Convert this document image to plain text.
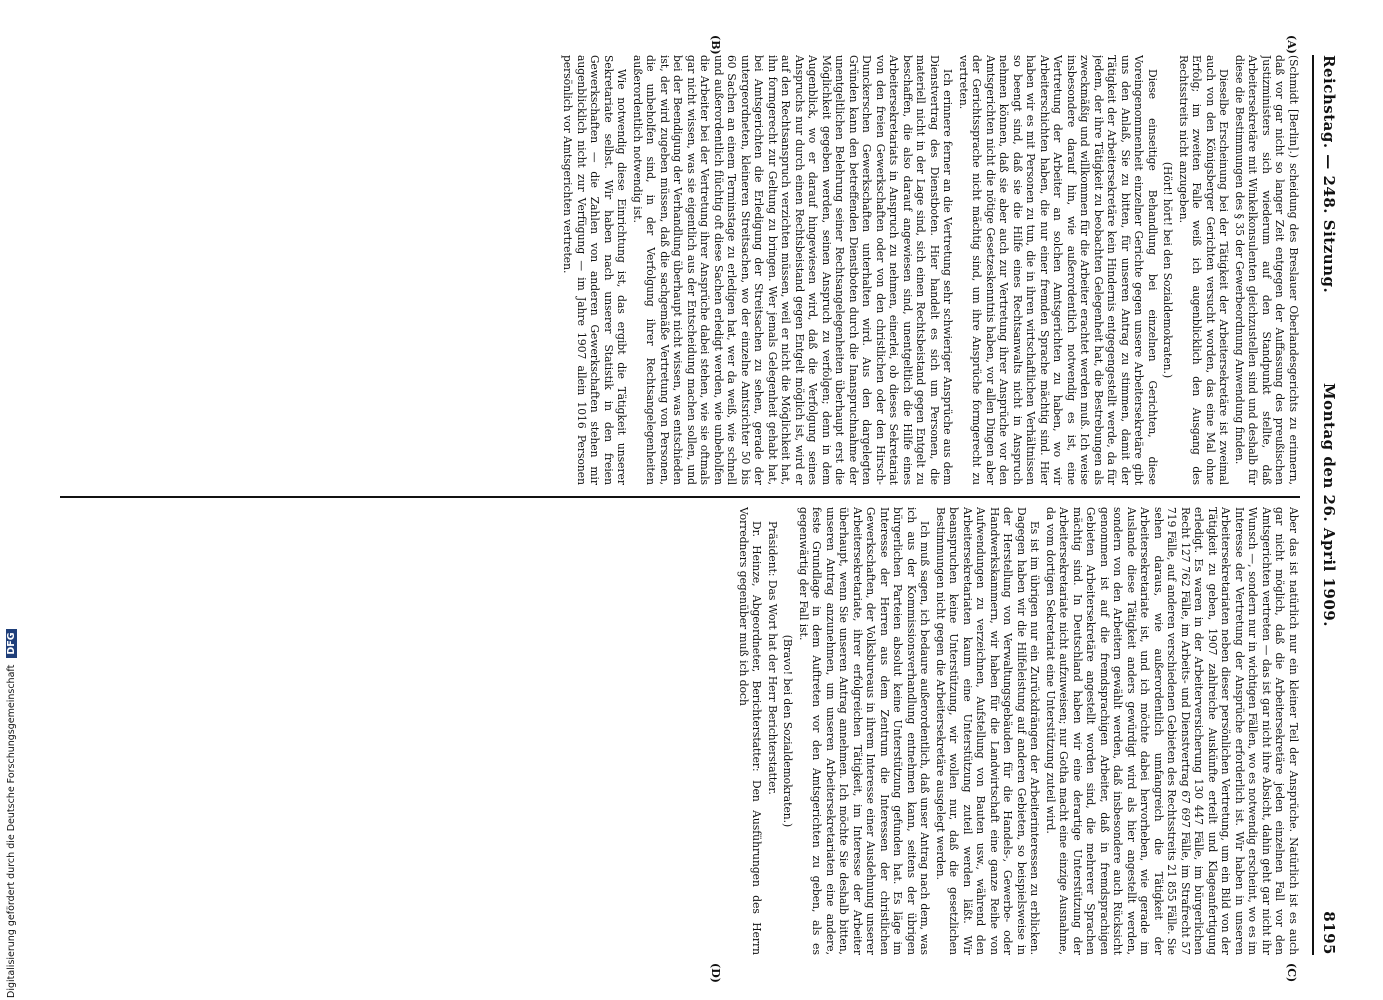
Reichstag. — 248. Sitzung.
Montag den 26. April 1909.
8195
(A)
(B)
(C)
(D)

(Schmidt [Berlin].) scheidung des Breslauer Oberlandesgerichts zu erinnern, daß vor gar nicht so langer Zeit entgegen der Auffassung des preußischen Justizministers sich wiederum auf den Standpunkt stellte, daß Arbeitersekretäre mit Winkelkonsulenten gleichzustellen sind und deshalb für diese die Bestimmungen des § 35 der Gewerbeordnung Anwendung finden.

Dieselbe Erscheinung bei der Tätigkeit der Arbeitersekretäre ist zweimal auch von den Königsberger Gerichten versucht worden, das eine Mal ohne Erfolg; im zweiten Falle weiß ich augenblicklich den Ausgang des Rechtsstreits nicht anzugeben.

(Hört! hört! bei den Sozialdemokraten.)

Diese einseitige Behandlung bei einzelnen Gerichten, diese Voreingenommenheit einzelner Gerichte gegen unsere Arbeitersekretäre gibt uns den Anlaß, Sie zu bitten, für unseren Antrag zu stimmen, damit der Tätigkeit der Arbeitersekretäre kein Hindernis entgegengestellt werde, da für jedem, der ihre Tätigkeit zu beobachten Gelegenheit hat, die Bestrebungen als zweckmäßig und willkommen für die Arbeiter erachtet werden muß. Ich weise insbesondere darauf hin, wie außerordentlich notwendig es ist, eine Vertretung der Arbeiter an solchen Amtsgerichten zu haben, wo wir Arbeiterschichten haben, die nur einer fremden Sprache mächtig sind. Hier haben wir es mit Personen zu tun, die in ihren wirtschaftlichen Verhältnissen so beengt sind, daß sie die Hilfe eines Rechtsanwalts nicht in Anspruch nehmen können, daß sie aber auch zur Vertretung ihrer Ansprüche vor den Amtsgerichten nicht die nötige Gesetzeskenntnis haben, vor allen Dingen aber der Gerichtssprache nicht mächtig sind, um ihre Ansprüche formgerecht zu vertreten.

Ich erinnere ferner an die Vertretung sehr schwieriger Ansprüche aus dem Dienstvertrag des Dienstboten. Hier handelt es sich um Personen, die materiell nicht in der Lage sind, sich einen Rechtsbeistand gegen Entgelt zu beschaffen, die also darauf angewiesen sind, unentgeltlich die Hilfe eines Arbeitersekretariats in Anspruch zu nehmen, einerlei, ob dieses Sekretariat von den freien Gewerkschaften oder von den christlichen oder den Hirsch-Dunckerschen Gewerkschaften unterhalten wird. Aus den dargelegten Gründen kann den betreffenden Dienstboten durch die Inanspruchnahme der unentgeltlichen Belehrung seiner Rechtsangelegenheiten überhaupt erst die Möglichkeit gegeben werden, seinen Anspruch zu verfolgen; denn in dem Augenblick, wo er darauf hingewiesen wird, daß die Verfolgung seines Anspruchs nur durch einen Rechtsbeistand gegen Entgelt möglich ist, wird er auf den Rechtsanspruch verzichten müssen, weil er nicht die Möglichkeit hat, ihn formgerecht zur Geltung zu bringen. Wer jemals Gelegenheit gehabt hat, bei Amtsgerichten die Erledigung der Streitsachen zu sehen, gerade der untergeordneten, kleineren Streitsachen, wo der einzelne Amtsrichter 50 bis 60 Sachen an einem Terminstage zu erledigen hat, wer da weiß, wie schnell und außerordentlich flüchtig oft diese Sachen erledigt werden, wie unbeholfen die Arbeiter bei der Vertretung ihrer Ansprüche dabei stehen, wie sie oftmals gar nicht wissen, was sie eigentlich aus der Entscheidung machen sollen, und bei der Beendigung der Verhandlung überhaupt nicht wissen, was entschieden ist, der wird zugeben müssen, daß die sachgemäße Vertretung von Personen, die unbeholfen sind, in der Verfolgung ihrer Rechtsangelegenheiten außerordentlich notwendig ist.

Wie notwendig diese Einrichtung ist, das ergibt die Tätigkeit unserer Sekretariate selbst. Wir haben nach unserer Statistik in den freien Gewerkschaften — die Zahlen von anderen Gewerkschaften stehen mir augenblicklich nicht zur Verfügung — im Jahre 1907 allein 1016 Personen persönlich vor Amtsgerichten vertreten.

Aber das ist natürlich nur ein kleiner Teil der Ansprüche. Natürlich ist es auch gar nicht möglich, daß die Arbeitersekretäre jeden einzelnen Fall vor den Amtsgerichten vertreten — das ist gar nicht ihre Absicht, dahin geht gar nicht ihr Wunsch —, sondern nur in wichtigen Fällen, wo es notwendig erscheint, wo es im Interesse der Vertretung der Ansprüche erforderlich ist. Wir haben in unseren Arbeitersekretariaten neben dieser persönlichen Vertretung, um ein Bild von der Tätigkeit zu geben, 1907 zahlreiche Auskünfte erteilt und Klageanfertigung erledigt. Es waren in der Arbeiterversicherung 130 447 Fälle, im bürgerlichen Recht 127 762 Fälle, im Arbeits- und Dienstvertrag 67 697 Fälle, im Strafrecht 57 719 Fälle, auf anderen verschiedenen Gebieten des Rechtsstreits 21 855 Fälle. Sie sehen daraus, wie außerordentlich umfangreich die Tätigkeit der Arbeitersekretariate ist, und ich möchte dabei hervorheben, wie gerade im Auslande diese Tätigkeit anders gewürdigt wird als hier angestellt werden, sondern von den Arbeitern gewählt werden, daß insbesondere auch Rücksicht genommen ist auf die fremdsprachigen Arbeiter, daß in fremdsprachigen Gebieten Arbeitersekretäre angestellt worden sind, die mehrerer Sprachen mächtig sind. In Deutschland haben wir eine derartige Unterstützung der Arbeitersekretariate nicht aufzuweisen; nur Gotha macht eine einzige Ausnahme, da vom dortigen Sekretariat eine Unterstützung zuteil wird.

Es ist im übrigen nur ein Zurückdrängen der Arbeiterinteressen zu erblicken. Dagegen haben wir die Hilfeleistung auf anderen Gebieten, so beispielsweise in der Herstellung von Verwaltungsgebäuden für die Handels-, Gewerbe- oder Handwerkskammern, wir haben für die Landwirtschaft eine ganze Reihe von Aufwendungen zu verzeichnen, Aufstellung von Bauten usw., während den Arbeitersekretariaten kaum eine Unterstützung zuteil werden läßt. Wir beanspruchen keine Unterstützung, wir wollen nur, daß die gesetzlichen Bestimmungen nicht gegen die Arbeitersekretäre ausgelegt werden.

Ich muß sagen, ich bedaure außerordentlich, daß unser Antrag nach dem, was ich aus der Kommissionsverhandlung entnehmen kann, seitens der übrigen bürgerlichen Parteien absolut keine Unterstützung gefunden hat. Es läge im Interesse der Herren aus dem Zentrum die Interessen der christlichen Gewerkschaften, der Volksbureaus in ihrem Interesse einer Ausdehnung unserer Arbeitersekretariate, ihrer erfolgreichen Tätigkeit, im Interesse der Arbeiter überhaupt, wenn Sie unseren Antrag annehmen. Ich möchte Sie deshalb bitten, unseren Antrag anzunehmen, um unseren Arbeitersekretariaten eine andere, feste Grundlage in dem Auftreten vor den Amtsgerichten zu geben, als es gegenwärtig der Fall ist.

(Bravo! bei den Sozialdemokraten.)

Präsident: Das Wort hat der Herr Berichterstatter.

Dr. Heinze, Abgeordneter, Berichterstatter: Den Ausführungen des Herrn Vorredners gegenüber muß ich doch

Digitalisierung gefördert durch die Deutsche Forschungsgemeinschaft DFG
